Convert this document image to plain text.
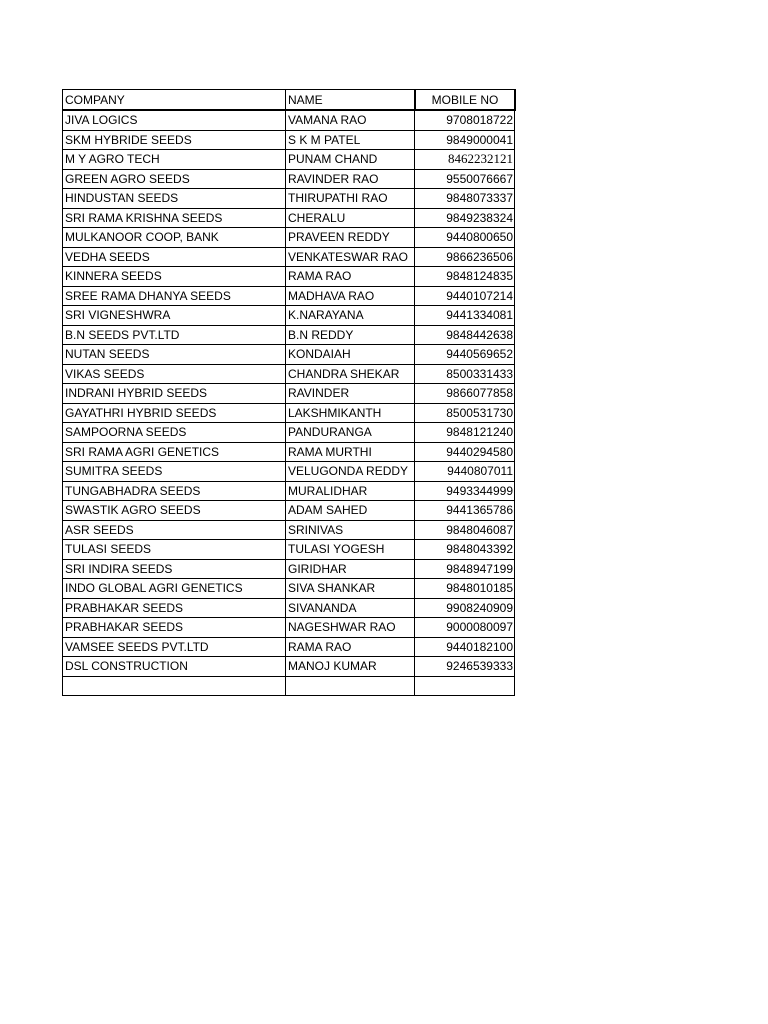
COMPANY	NAME	MOBILE NO
JIVA LOGICS	VAMANA RAO	9708018722
SKM HYBRIDE SEEDS	S K M PATEL	9849000041
M Y AGRO TECH	PUNAM CHAND	8462232121
GREEN AGRO SEEDS	RAVINDER RAO	9550076667
HINDUSTAN SEEDS	THIRUPATHI RAO	9848073337
SRI RAMA KRISHNA SEEDS	CHERALU	9849238324
MULKANOOR COOP, BANK	PRAVEEN REDDY	9440800650
VEDHA SEEDS	VENKATESWAR RAO	9866236506
KINNERA SEEDS	RAMA RAO	9848124835
SREE RAMA DHANYA SEEDS	MADHAVA RAO	9440107214
SRI VIGNESHWRA	K.NARAYANA	9441334081
B.N SEEDS PVT.LTD	B.N REDDY	9848442638
NUTAN SEEDS	KONDAIAH	9440569652
VIKAS SEEDS	CHANDRA SHEKAR	8500331433
INDRANI HYBRID SEEDS	RAVINDER	9866077858
GAYATHRI HYBRID SEEDS	LAKSHMIKANTH	8500531730
SAMPOORNA SEEDS	PANDURANGA	9848121240
SRI RAMA AGRI GENETICS	RAMA MURTHI	9440294580
SUMITRA SEEDS	VELUGONDA REDDY	9440807011
TUNGABHADRA SEEDS	MURALIDHAR	9493344999
SWASTIK AGRO SEEDS	ADAM SAHED	9441365786
ASR SEEDS	SRINIVAS	9848046087
TULASI SEEDS	TULASI YOGESH	9848043392
SRI INDIRA SEEDS	GIRIDHAR	9848947199
INDO GLOBAL AGRI GENETICS	SIVA SHANKAR	9848010185
PRABHAKAR SEEDS	SIVANANDA	9908240909
PRABHAKAR SEEDS	NAGESHWAR RAO	9000080097
VAMSEE SEEDS PVT.LTD	RAMA RAO	9440182100
DSL CONSTRUCTION	MANOJ KUMAR	9246539333
